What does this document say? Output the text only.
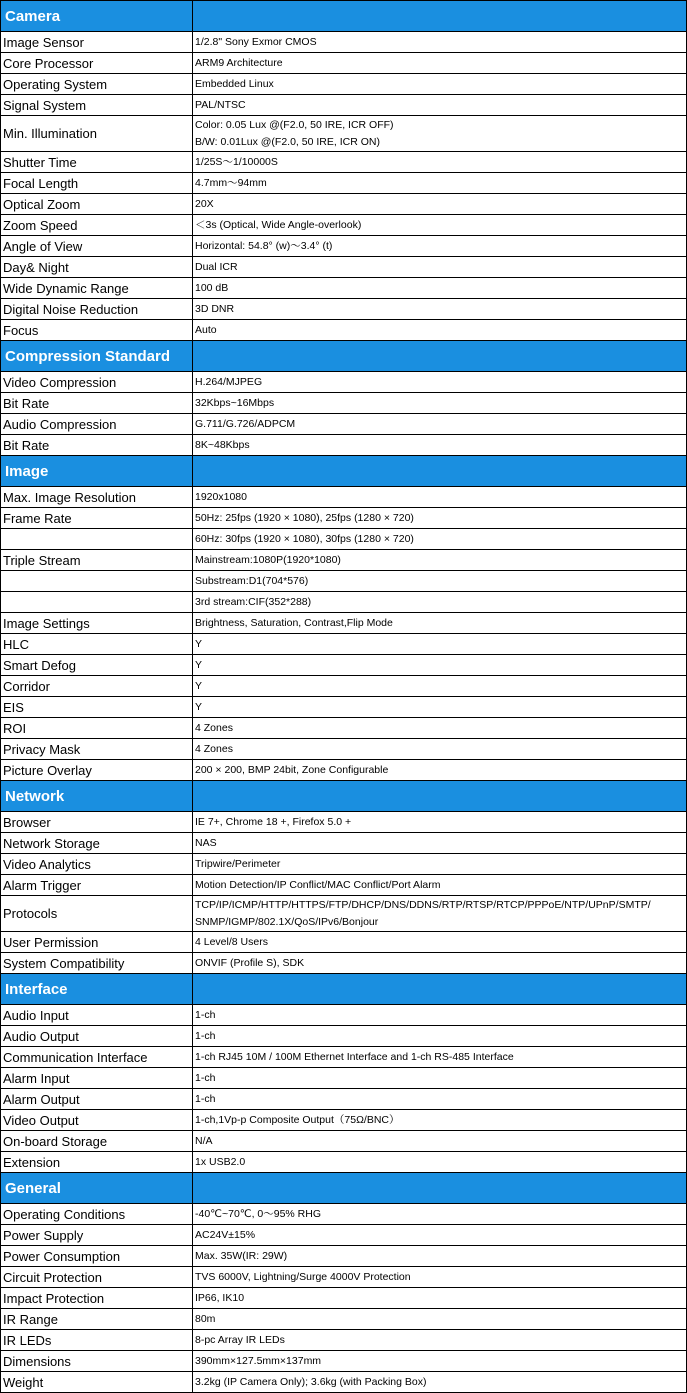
Camera	
Image Sensor	1/2.8" Sony Exmor CMOS
Core Processor	ARM9 Architecture
Operating System	Embedded Linux
Signal System	PAL/NTSC
Min. Illumination	Color: 0.05 Lux @(F2.0, 50 IRE, ICR OFF)
B/W: 0.01Lux @(F2.0, 50 IRE, ICR ON)

Shutter Time	1/25S～1/10000S
Focal Length	4.7mm～94mm
Optical Zoom	20X
Zoom Speed	＜3s (Optical, Wide Angle-overlook)
Angle of View	Horizontal: 54.8° (w)～3.4° (t)
Day& Night	Dual ICR
Wide Dynamic Range	100 dB
Digital Noise Reduction	3D DNR
Focus	Auto
Compression Standard	
Video Compression	H.264/MJPEG
Bit Rate	32Kbps~16Mbps
Audio Compression	G.711/G.726/ADPCM
Bit Rate	8K~48Kbps
Image	
Max. Image Resolution	1920x1080
Frame Rate	50Hz: 25fps (1920 × 1080), 25fps (1280 × 720)
	60Hz: 30fps (1920 × 1080), 30fps (1280 × 720)
Triple Stream	Mainstream:1080P(1920*1080)
	Substream:D1(704*576)
	3rd stream:CIF(352*288)
Image Settings	Brightness, Saturation, Contrast,Flip Mode
HLC	Y
Smart Defog	Y
Corridor	Y
EIS	Y
ROI	4 Zones
Privacy Mask	4 Zones
Picture Overlay	200 × 200, BMP 24bit, Zone Configurable
Network	
Browser	IE 7+, Chrome 18 +, Firefox 5.0 +
Network Storage	NAS
Video Analytics	Tripwire/Perimeter
Alarm Trigger	Motion Detection/IP Conflict/MAC Conflict/Port Alarm
Protocols	TCP/IP/ICMP/HTTP/HTTPS/FTP/DHCP/DNS/DDNS/RTP/RTSP/RTCP/PPPoE/NTP/UPnP/SMTP/
SNMP/IGMP/802.1X/QoS/IPv6/Bonjour

User Permission	4 Level/8 Users
System Compatibility	ONVIF (Profile S), SDK
Interface	
Audio Input	1-ch
Audio Output	1-ch
Communication Interface	1-ch RJ45 10M / 100M Ethernet Interface and 1-ch RS-485 Interface
Alarm Input	1-ch
Alarm Output	1-ch
Video Output	1-ch,1Vp-p Composite Output（75Ω/BNC）
On-board Storage	N/A
Extension	1x USB2.0
General	
Operating Conditions	-40℃~70℃, 0～95% RHG
Power Supply	AC24V±15%
Power Consumption	Max. 35W(IR: 29W)
Circuit Protection	TVS 6000V, Lightning/Surge 4000V Protection
Impact Protection	IP66, IK10
IR Range	80m
IR LEDs	8-pc Array IR LEDs
Dimensions	390mm×127.5mm×137mm
Weight	3.2kg (IP Camera Only); 3.6kg (with Packing Box)
